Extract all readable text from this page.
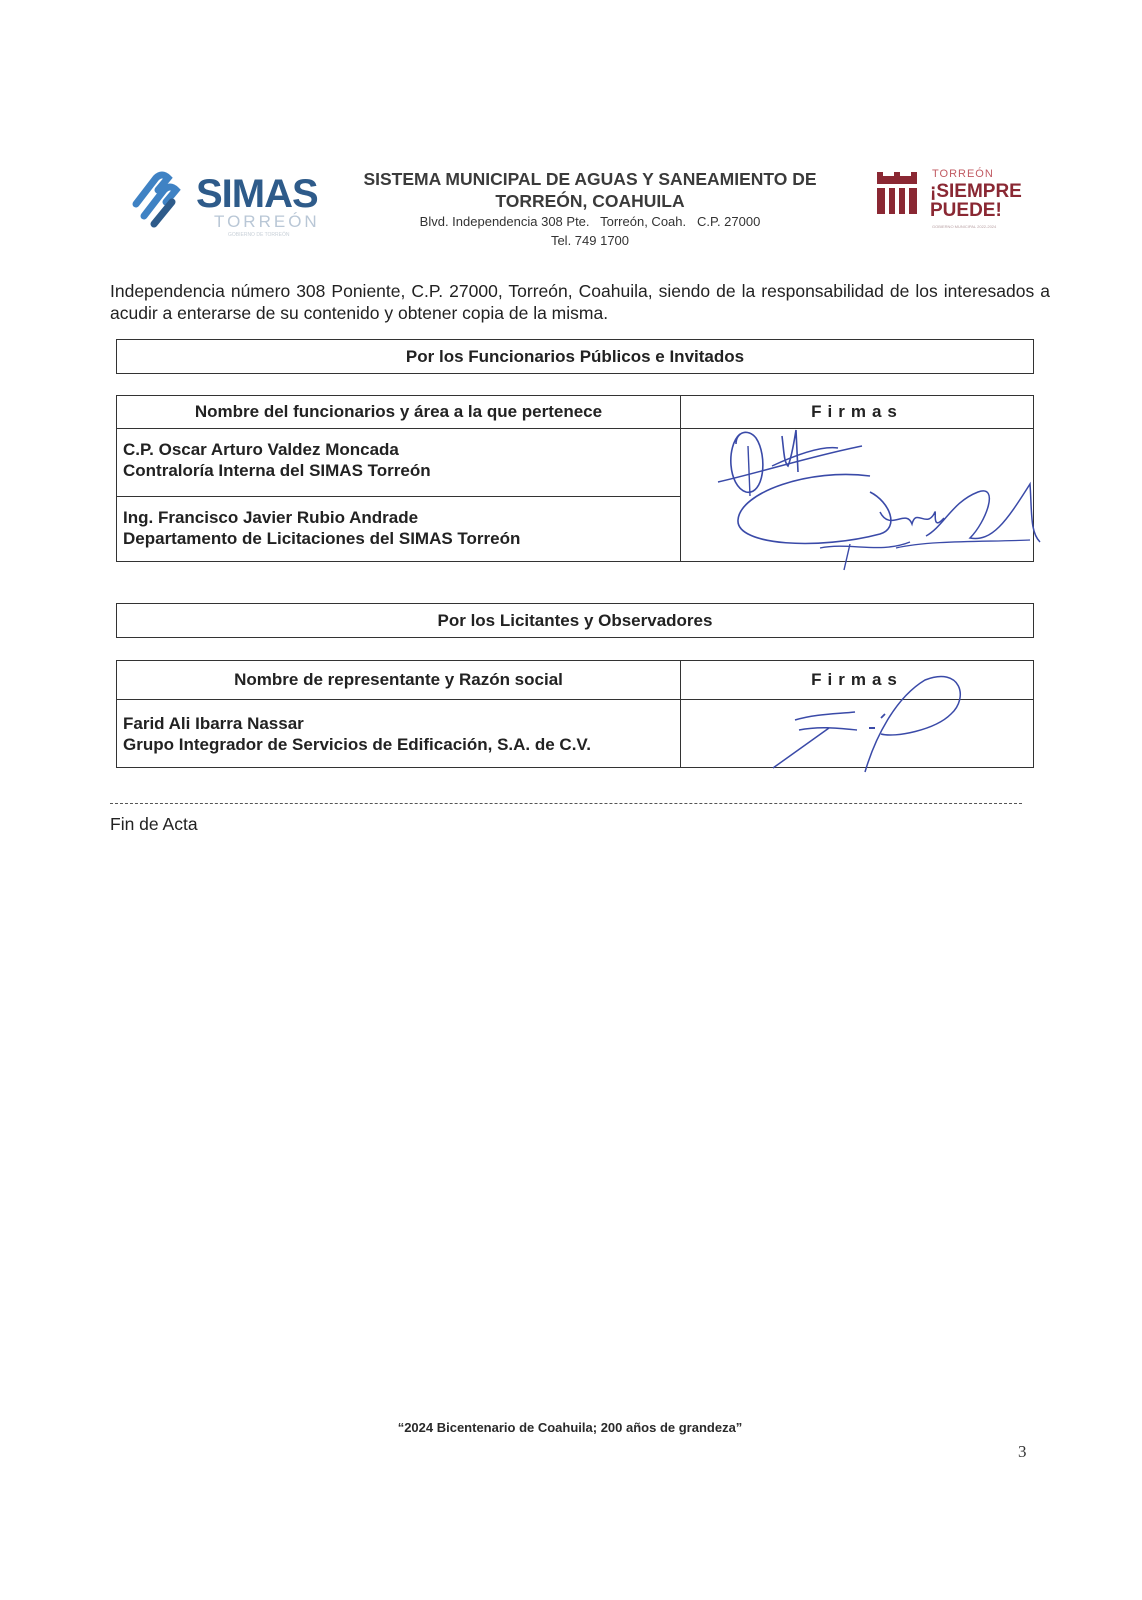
SIMAS
TORREÓN
GOBIERNO DE TORREÓN
SISTEMA MUNICIPAL DE AGUAS Y SANEAMIENTO DE
TORREÓN, COAHUILA
Blvd. Independencia 308 Pte.   Torreón, Coah.   C.P. 27000
Tel. 749 1700
TORREÓN
¡SIEMPRE
PUEDE!
GOBIERNO MUNICIPAL 2022-2024
Independencia número 308 Poniente, C.P. 27000, Torreón, Coahuila, siendo de la responsabilidad de los interesados a acudir a enterarse de su contenido y obtener copia de la misma.
Por los Funcionarios Públicos e Invitados
Nombre del funcionarios y área a la que pertenece	Firmas
C.P. Oscar Arturo Valdez Moncada
Contraloría Interna del SIMAS Torreón
Ing. Francisco Javier Rubio Andrade
Departamento de Licitaciones del SIMAS Torreón
Por los Licitantes y Observadores
Nombre de representante y Razón social	Firmas
Farid Ali Ibarra Nassar
Grupo Integrador de Servicios de Edificación, S.A. de C.V.
Fin de Acta
“2024 Bicentenario de Coahuila; 200 años de grandeza”
3
